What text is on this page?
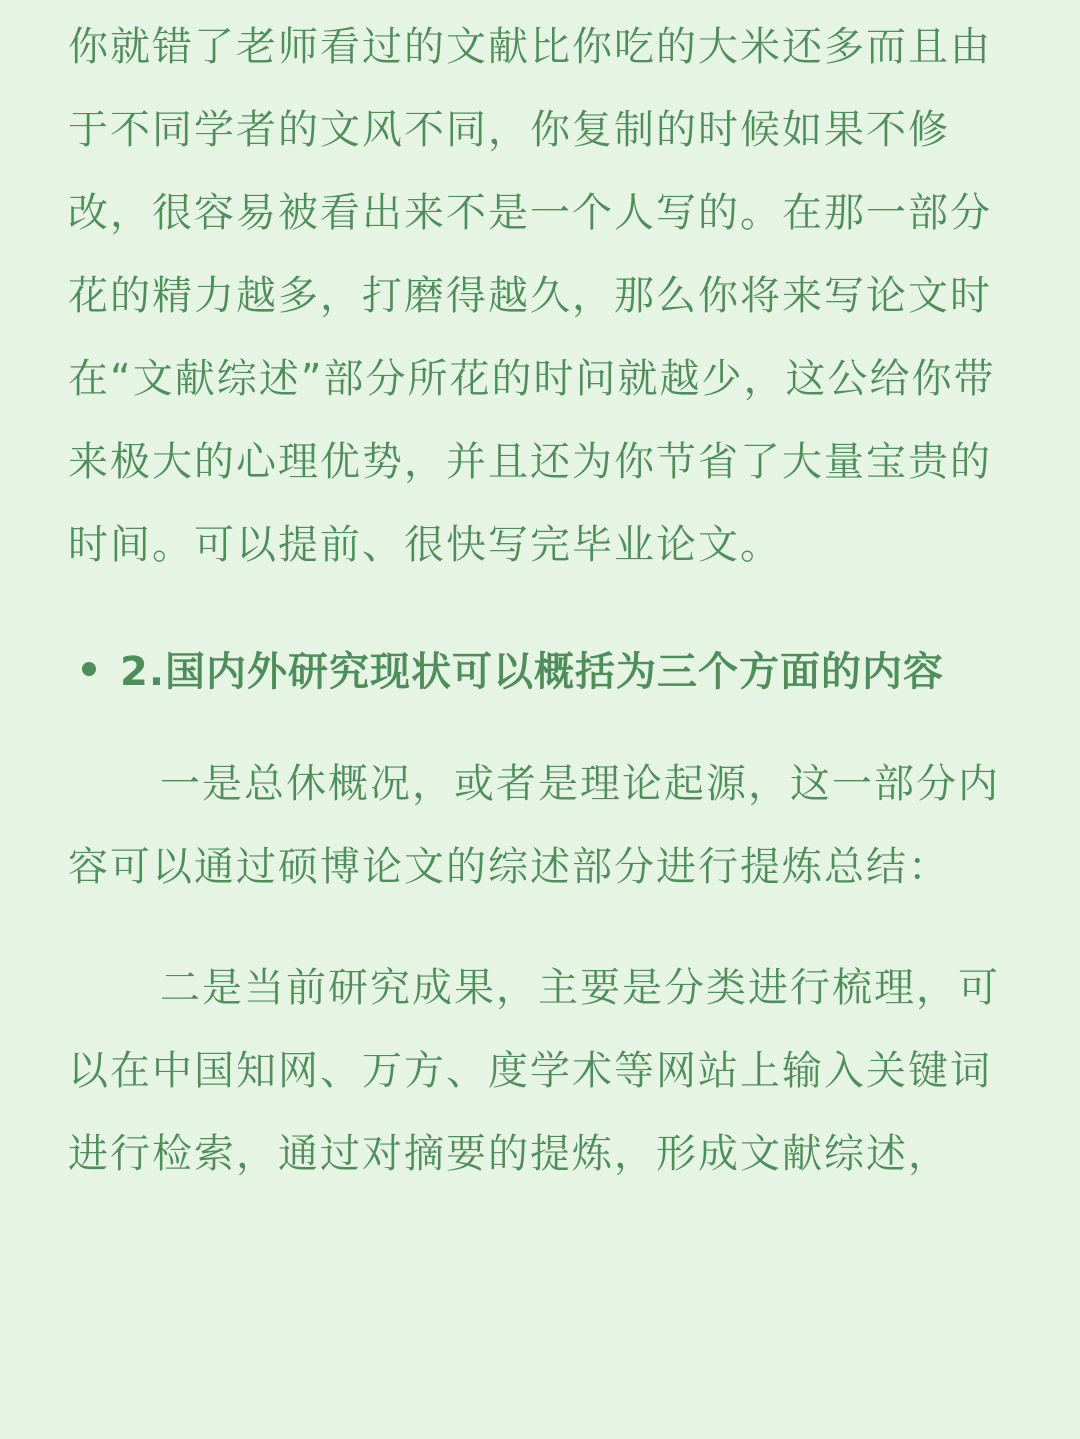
你就错了老师看过的文献比你吃的大米还多而且由于不同学者的文风不同，你复制的时候如果不修改，很容易被看出来不是一个人写的。在那一部分花的精力越多，打磨得越久，那么你将来写论文时在“文献综述”部分所花的时问就越少，这公给你带来极大的心理优势，并且还为你节省了大量宝贵的时间。可以提前、很快写完毕业论文。

2.国内外研究现状可以概括为三个方面的内容

一是总休概况，或者是理论起源，这一部分内容可以通过硕博论文的综述部分进行提炼总结：

二是当前研究成果，主要是分类进行梳理，可以在中国知网、万方、度学术等网站上输入关键词进行检索，通过对摘要的提炼，形成文献综述，
